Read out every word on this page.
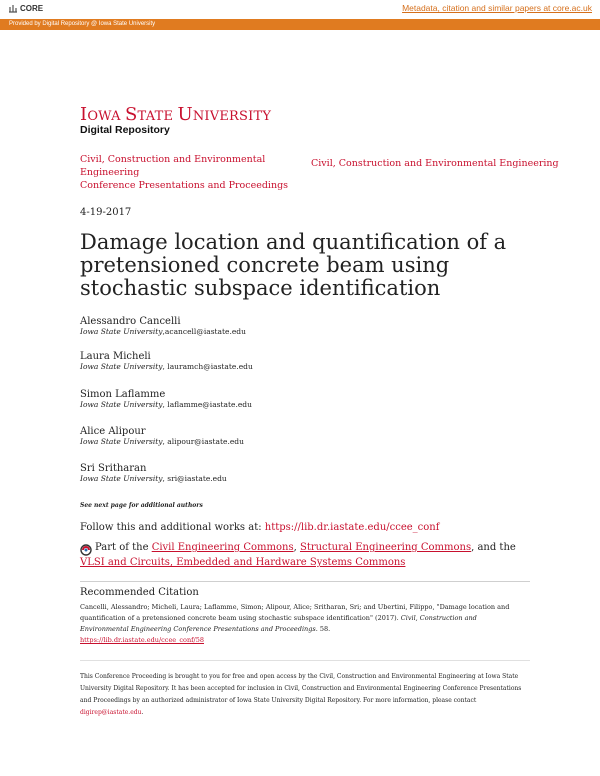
CORE	Metadata, citation and similar papers at core.ac.uk
Provided by Digital Repository @ Iowa State University
IOWA STATE UNIVERSITY
Digital Repository
Civil, Construction and Environmental Engineering
Conference Presentations and Proceedings
Civil, Construction and Environmental Engineering
4-19-2017
Damage location and quantification of a pretensioned concrete beam using stochastic subspace identification
Alessandro Cancelli
Iowa State University,acancell@iastate.edu
Laura Micheli
Iowa State University, lauramch@iastate.edu
Simon Laflamme
Iowa State University, laflamme@iastate.edu
Alice Alipour
Iowa State University, alipour@iastate.edu
Sri Sritharan
Iowa State University, sri@iastate.edu
See next page for additional authors
Follow this and additional works at: https://lib.dr.iastate.edu/ccee_conf
Part of the Civil Engineering Commons, Structural Engineering Commons, and the VLSI and Circuits, Embedded and Hardware Systems Commons
Recommended Citation
Cancelli, Alessandro; Micheli, Laura; Laflamme, Simon; Alipour, Alice; Sritharan, Sri; and Ubertini, Filippo, "Damage location and quantification of a pretensioned concrete beam using stochastic subspace identification" (2017). Civil, Construction and Environmental Engineering Conference Presentations and Proceedings. 58.
https://lib.dr.iastate.edu/ccee_conf/58
This Conference Proceeding is brought to you for free and open access by the Civil, Construction and Environmental Engineering at Iowa State University Digital Repository. It has been accepted for inclusion in Civil, Construction and Environmental Engineering Conference Presentations and Proceedings by an authorized administrator of Iowa State University Digital Repository. For more information, please contact digirep@iastate.edu.
